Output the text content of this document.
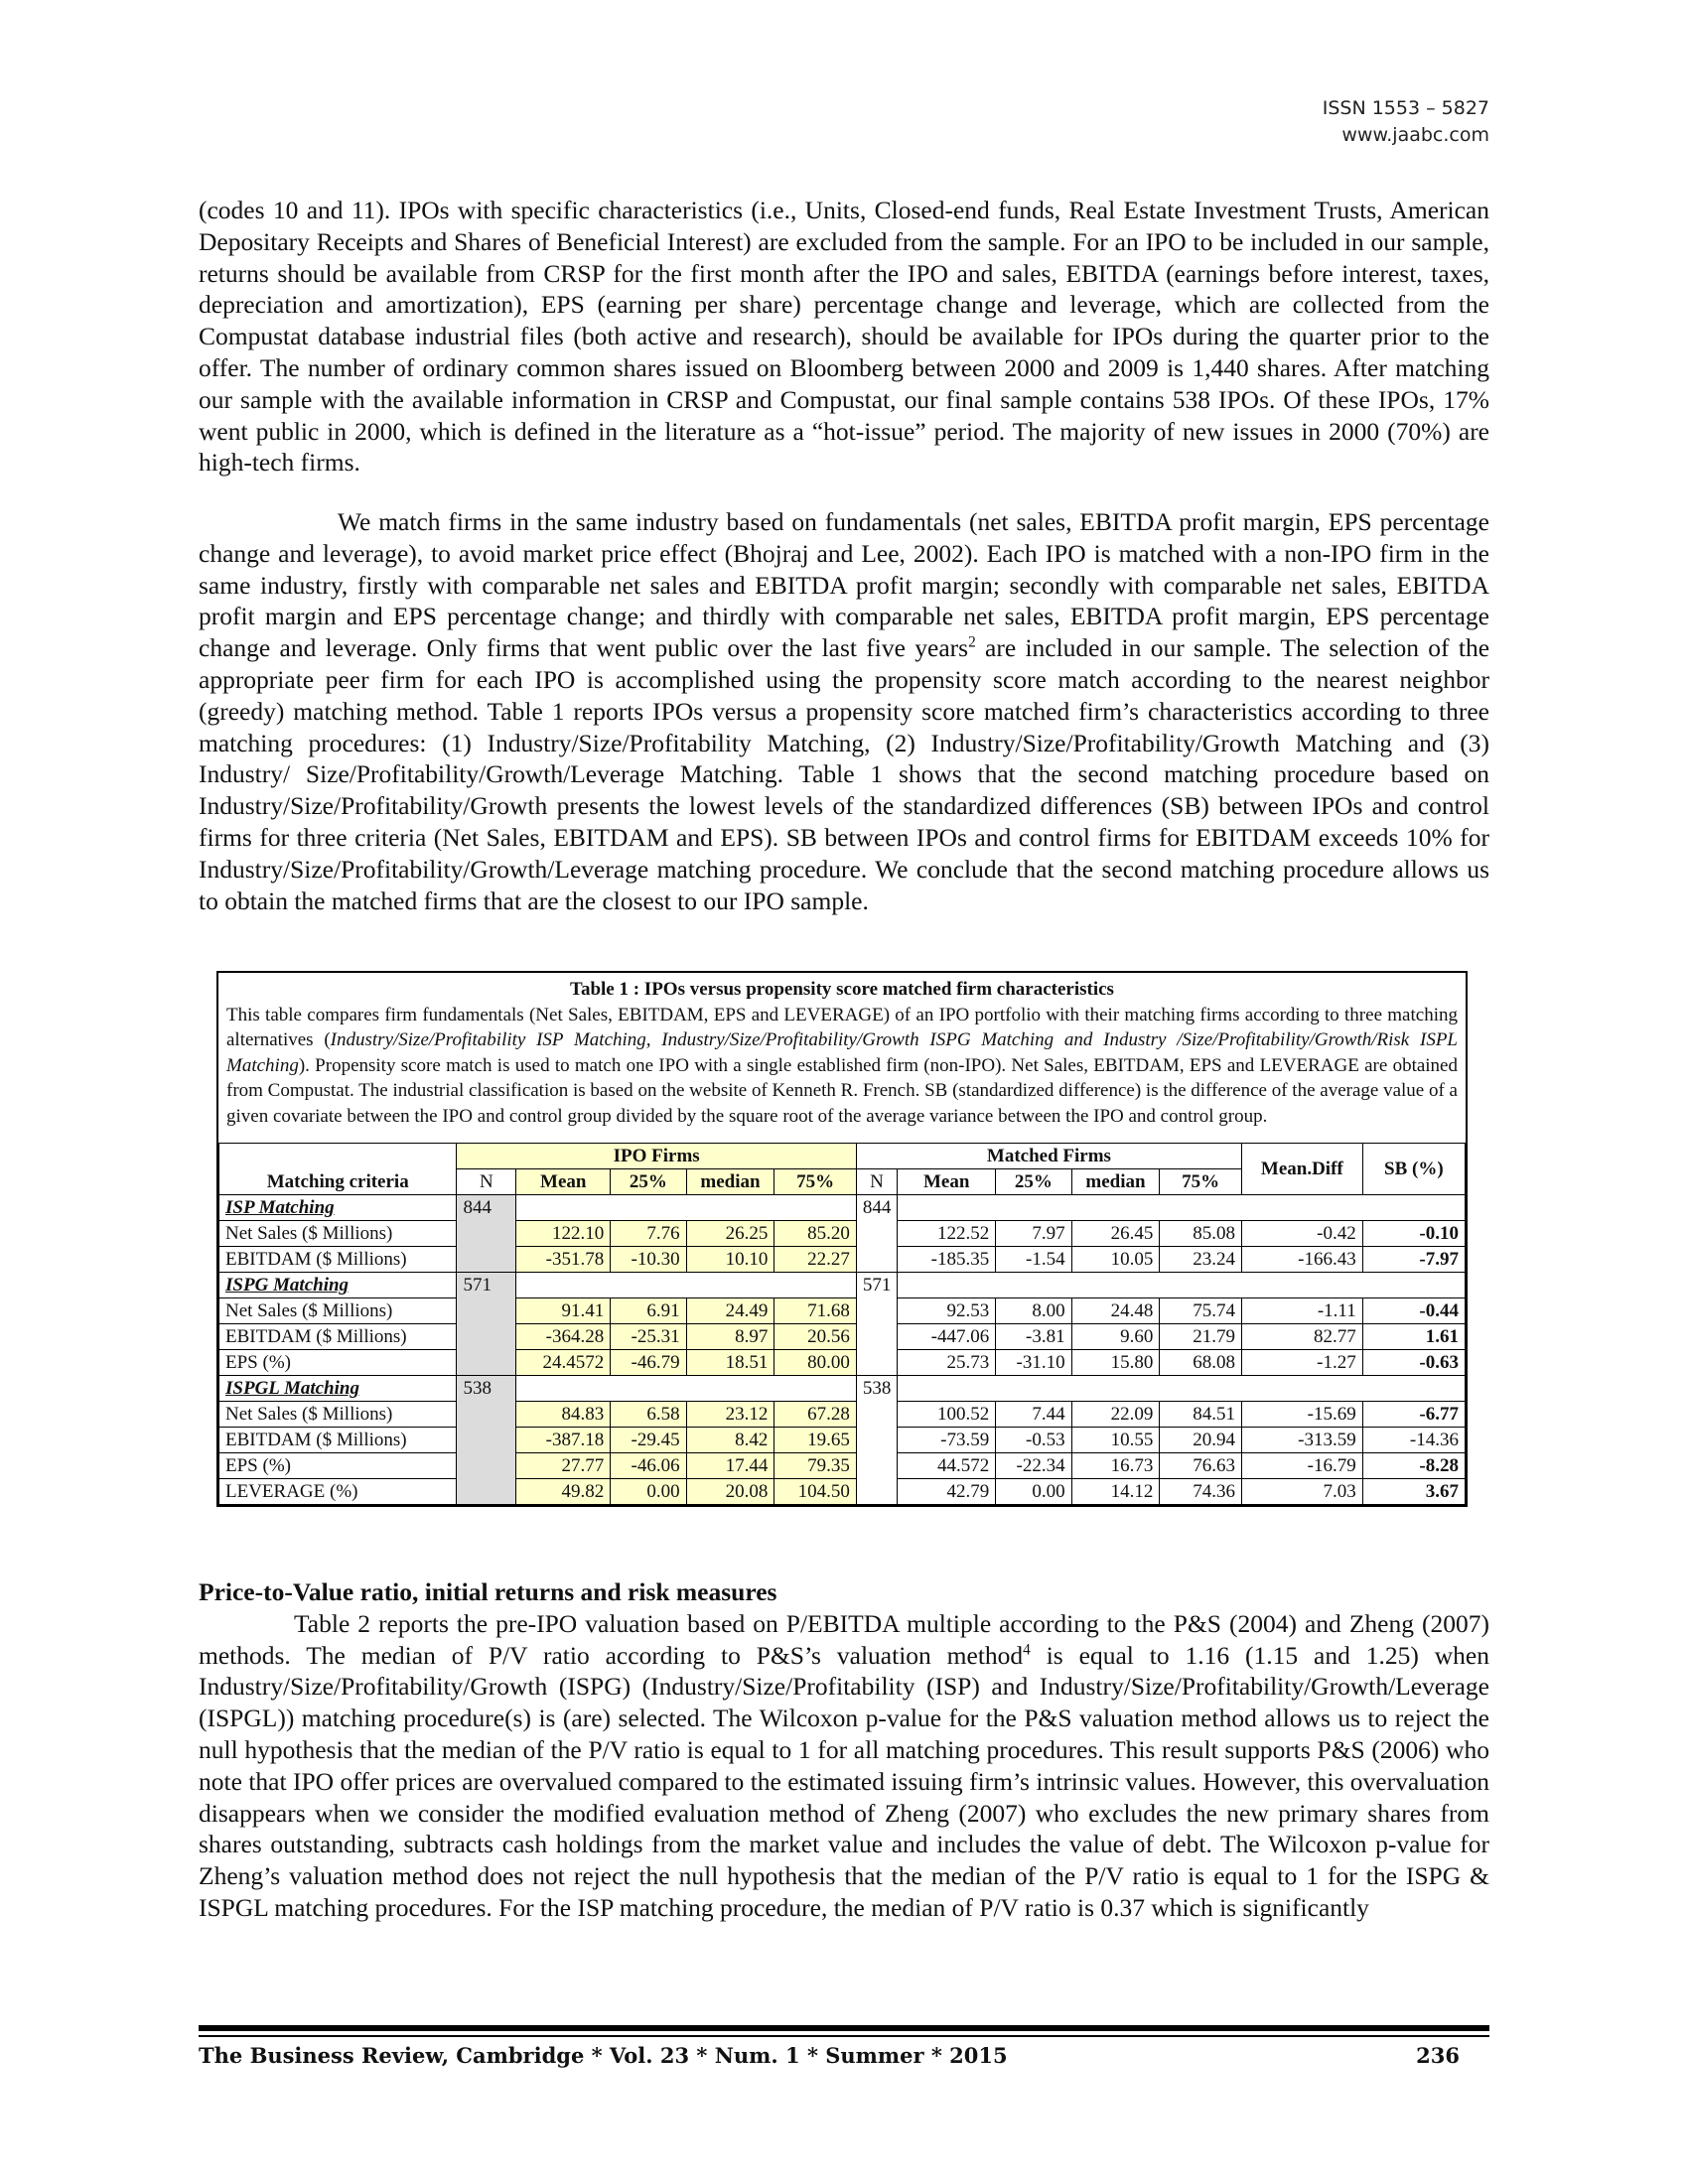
ISSN 1553 – 5827
www.jaabc.com

(codes 10 and 11). IPOs with specific characteristics (i.e., Units, Closed-end funds, Real Estate Investment Trusts, American Depositary Receipts and Shares of Beneficial Interest) are excluded from the sample. For an IPO to be included in our sample, returns should be available from CRSP for the first month after the IPO and sales, EBITDA (earnings before interest, taxes, depreciation and amortization), EPS (earning per share) percentage change and leverage, which are collected from the Compustat database industrial files (both active and research), should be available for IPOs during the quarter prior to the offer. The number of ordinary common shares issued on Bloomberg between 2000 and 2009 is 1,440 shares. After matching our sample with the available information in CRSP and Compustat, our final sample contains 538 IPOs. Of these IPOs, 17% went public in 2000, which is defined in the literature as a “hot-issue” period. The majority of new issues in 2000 (70%) are high-tech firms.

We match firms in the same industry based on fundamentals (net sales, EBITDA profit margin, EPS percentage change and leverage), to avoid market price effect (Bhojraj and Lee, 2002). Each IPO is matched with a non-IPO firm in the same industry, firstly with comparable net sales and EBITDA profit margin; secondly with comparable net sales, EBITDA profit margin and EPS percentage change; and thirdly with comparable net sales, EBITDA profit margin, EPS percentage change and leverage. Only firms that went public over the last five years$^2$ are included in our sample. The selection of the appropriate peer firm for each IPO is accomplished using the propensity score match according to the nearest neighbor (greedy) matching method. Table 1 reports IPOs versus a propensity score matched firm’s characteristics according to three matching procedures: (1) Industry/Size/Profitability Matching, (2) Industry/Size/Profitability/Growth Matching and (3) Industry/ Size/Profitability/Growth/Leverage Matching. Table 1 shows that the second matching procedure based on Industry/Size/Profitability/Growth presents the lowest levels of the standardized differences (SB) between IPOs and control firms for three criteria (Net Sales, EBITDAM and EPS). SB between IPOs and control firms for EBITDAM exceeds 10% for Industry/Size/Profitability/Growth/Leverage matching procedure. We conclude that the second matching procedure allows us to obtain the matched firms that are the closest to our IPO sample.

Table 1 : IPOs versus propensity score matched firm characteristics
This table compares firm fundamentals (Net Sales, EBITDAM, EPS and LEVERAGE) of an IPO portfolio with their matching firms according to three matching alternatives (Industry/Size/Profitability ISP Matching, Industry/Size/Profitability/Growth ISPG Matching and Industry /Size/Profitability/Growth/Risk ISPL Matching). Propensity score match is used to match one IPO with a single established firm (non-IPO). Net Sales, EBITDAM, EPS and LEVERAGE are obtained from Compustat. The industrial classification is based on the website of Kenneth R. French. SB (standardized difference) is the difference of the average value of a given covariate between the IPO and control group divided by the square root of the average variance between the IPO and control group.
	IPO Firms					Matched Firms					Mean.Diff	SB (%)
Matching criteria	N	Mean	25%	median	75%	N	Mean	25%	median	75%		
ISP Matching	844					844						
Net Sales ($ Millions)		122.10	7.76	26.25	85.20		122.52	7.97	26.45	85.08	-0.42	-0.10
EBITDAM ($ Millions)		-351.78	-10.30	10.10	22.27		-185.35	-1.54	10.05	23.24	-166.43	-7.97
ISPG Matching	571					571						
Net Sales ($ Millions)		91.41	6.91	24.49	71.68		92.53	8.00	24.48	75.74	-1.11	-0.44
EBITDAM ($ Millions)		-364.28	-25.31	8.97	20.56		-447.06	-3.81	9.60	21.79	82.77	1.61
EPS (%)		24.4572	-46.79	18.51	80.00		25.73	-31.10	15.80	68.08	-1.27	-0.63
ISPGL Matching	538					538						
Net Sales ($ Millions)		84.83	6.58	23.12	67.28		100.52	7.44	22.09	84.51	-15.69	-6.77
EBITDAM ($ Millions)		-387.18	-29.45	8.42	19.65		-73.59	-0.53	10.55	20.94	-313.59	-14.36
EPS (%)		27.77	-46.06	17.44	79.35		44.572	-22.34	16.73	76.63	-16.79	-8.28
LEVERAGE (%)		49.82	0.00	20.08	104.50		42.79	0.00	14.12	74.36	7.03	3.67

Price-to-Value ratio, initial returns and risk measures

Table 2 reports the pre-IPO valuation based on P/EBITDA multiple according to the P&S (2004) and Zheng (2007) methods. The median of P/V ratio according to P&S’s valuation method$^4$ is equal to 1.16 (1.15 and 1.25) when Industry/Size/Profitability/Growth (ISPG) (Industry/Size/Profitability (ISP) and Industry/Size/Profitability/Growth/Leverage (ISPGL)) matching procedure(s) is (are) selected. The Wilcoxon p-value for the P&S valuation method allows us to reject the null hypothesis that the median of the P/V ratio is equal to 1 for all matching procedures. This result supports P&S (2006) who note that IPO offer prices are overvalued compared to the estimated issuing firm’s intrinsic values. However, this overvaluation disappears when we consider the modified evaluation method of Zheng (2007) who excludes the new primary shares from shares outstanding, subtracts cash holdings from the market value and includes the value of debt. The Wilcoxon p-value for Zheng’s valuation method does not reject the null hypothesis that the median of the P/V ratio is equal to 1 for the ISPG & ISPGL matching procedures. For the ISP matching procedure, the median of P/V ratio is 0.37 which is significantly

The Business Review, Cambridge * Vol. 23 * Num. 1 * Summer * 2015	236
